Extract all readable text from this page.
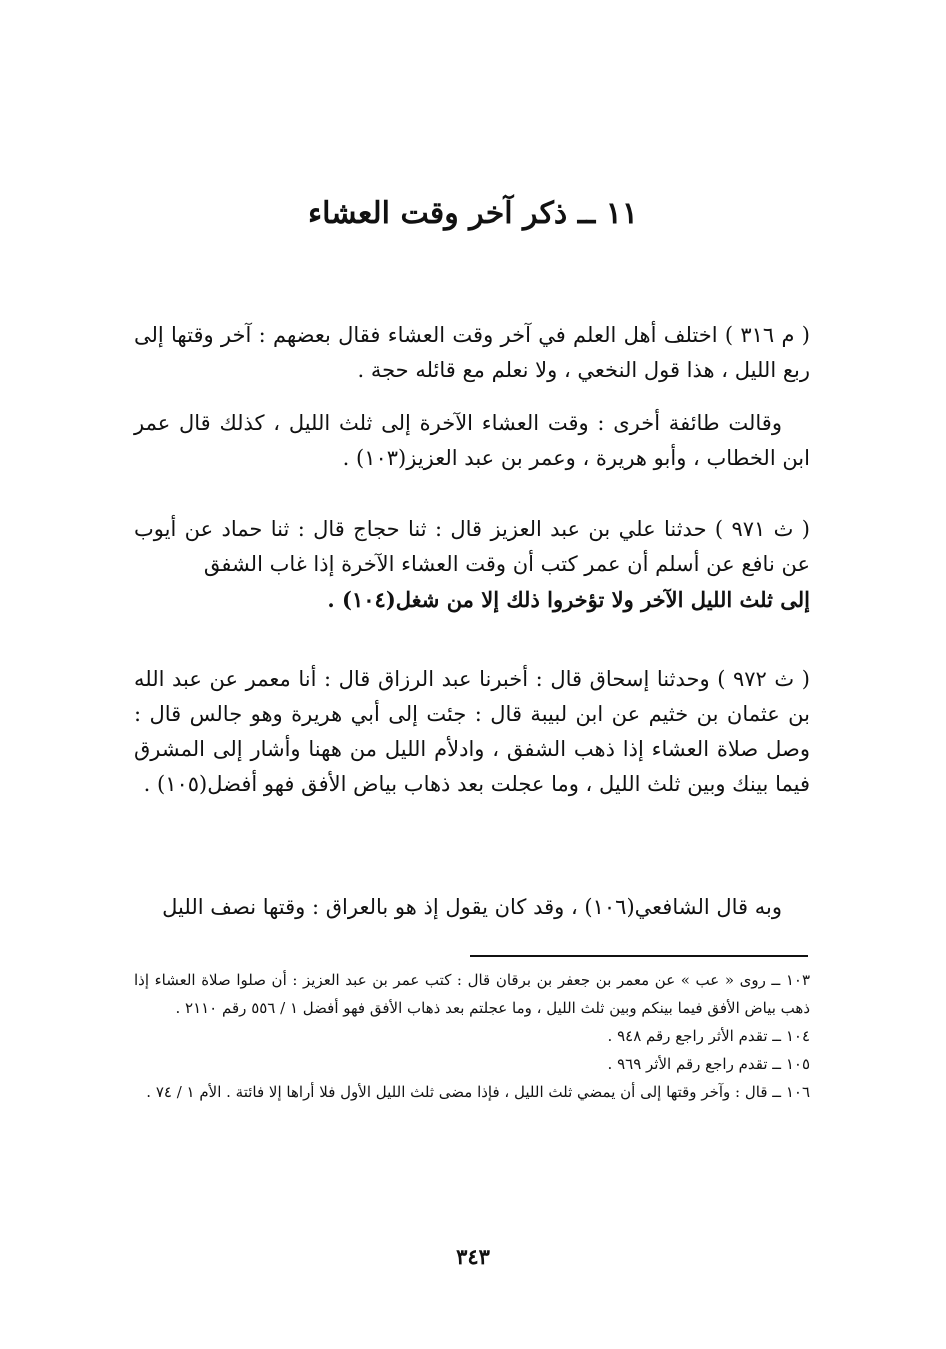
١١ ــ ذكر آخر وقت العشاء

( م ٣١٦ ) اختلف أهل العلم في آخر وقت العشاء فقال بعضهم : آخر وقتها إلى ربع الليل ، هذا قول النخعي ، ولا نعلم مع قائله حجة .

وقالت طائفة أخرى : وقت العشاء الآخرة إلى ثلث الليل ، كذلك قال عمر ابن الخطاب ، وأبو هريرة ، وعمر بن عبد العزيز(١٠٣) .

( ث ٩٧١ ) حدثنا علي بن عبد العزيز قال : ثنا حجاج قال : ثنا حماد عن أيوب عن نافع عن أسلم أن عمر كتب أن وقت العشاء الآخرة إذا غاب الشفق

إلى ثلث الليل الآخر ولا تؤخروا ذلك إلا من شغل(١٠٤) .

( ث ٩٧٢ ) وحدثنا إسحاق قال : أخبرنا عبد الرزاق قال : أنا معمر عن عبد الله بن عثمان بن خثيم عن ابن لبيبة قال : جئت إلى أبي هريرة وهو جالس قال : وصل صلاة العشاء إذا ذهب الشفق ، وادلأم الليل من ههنا وأشار إلى المشرق فيما بينك وبين ثلث الليل ، وما عجلت بعد ذهاب بياض الأفق فهو أفضل(١٠٥) .

وبه قال الشافعي(١٠٦) ، وقد كان يقول إذ هو بالعراق : وقتها نصف الليل

١٠٣ ــ روى « عب » عن معمر بن جعفر بن برقان قال : كتب عمر بن عبد العزيز : أن صلوا صلاة العشاء إذا ذهب بياض الأفق فيما بينكم وبين ثلث الليل ، وما عجلتم بعد ذهاب الأفق فهو أفضل ١ / ٥٥٦ رقم ٢١١٠ .

١٠٤ ــ تقدم الأثر راجع رقم ٩٤٨ .

١٠٥ ــ تقدم راجع رقم الأثر ٩٦٩ .

١٠٦ ــ قال : وآخر وقتها إلى أن يمضي ثلث الليل ، فإذا مضى ثلث الليل الأول فلا أراها إلا فائتة . الأم ١ / ٧٤ .

٣٤٣
